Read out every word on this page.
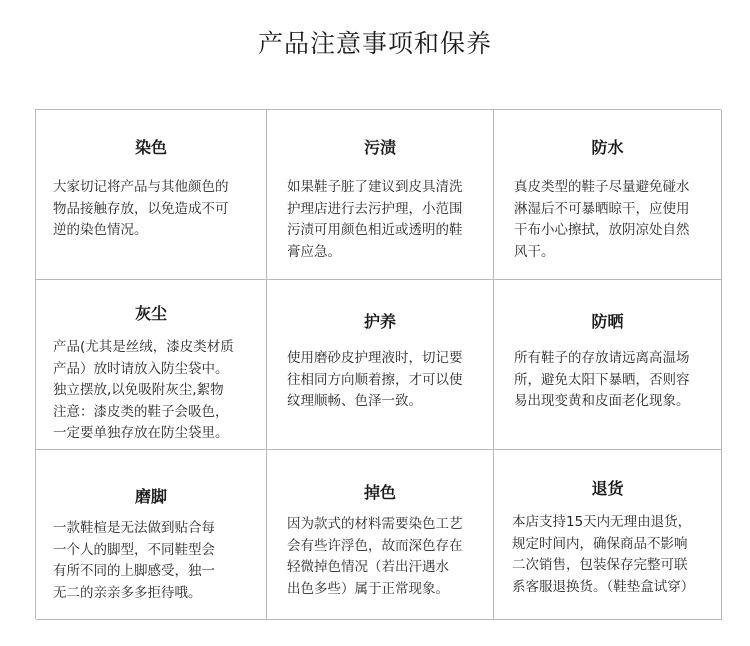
产品注意事项和保养
染色
大家切记将产品与其他颜色的
物品接触存放，以免造成不可
逆的染色情况。
污渍
如果鞋子脏了建议到皮具清洗
护理店进行去污护理，小范围
污渍可用颜色相近或透明的鞋
膏应急。
防水
真皮类型的鞋子尽量避免碰水
淋湿后不可暴晒晾干，应使用
干布小心擦拭，放阴凉处自然
风干。
灰尘
产品(尤其是丝绒，漆皮类材质
产品）放时请放入防尘袋中。
独立摆放,以免吸附灰尘,絮物
注意：漆皮类的鞋子会吸色，
一定要单独存放在防尘袋里。
护养
使用磨砂皮护理液时，切记要
往相同方向顺着擦，才可以使
纹理顺畅、色泽一致。
防晒
所有鞋子的存放请远离高温场
所，避免太阳下暴晒，否则容
易出现变黄和皮面老化现象。
磨脚
一款鞋楦是无法做到贴合每
一个人的脚型，不同鞋型会
有所不同的上脚感受，独一
无二的亲亲多多拒待哦。
掉色
因为款式的材料需要染色工艺
会有些许浮色，故而深色存在
轻微掉色情况（若出汗遇水
出色多些）属于正常现象。
退货
本店支持15天内无理由退货，
规定时间内，确保商品不影响
二次销售，包装保存完整可联
系客服退换货。（鞋垫盒试穿）
